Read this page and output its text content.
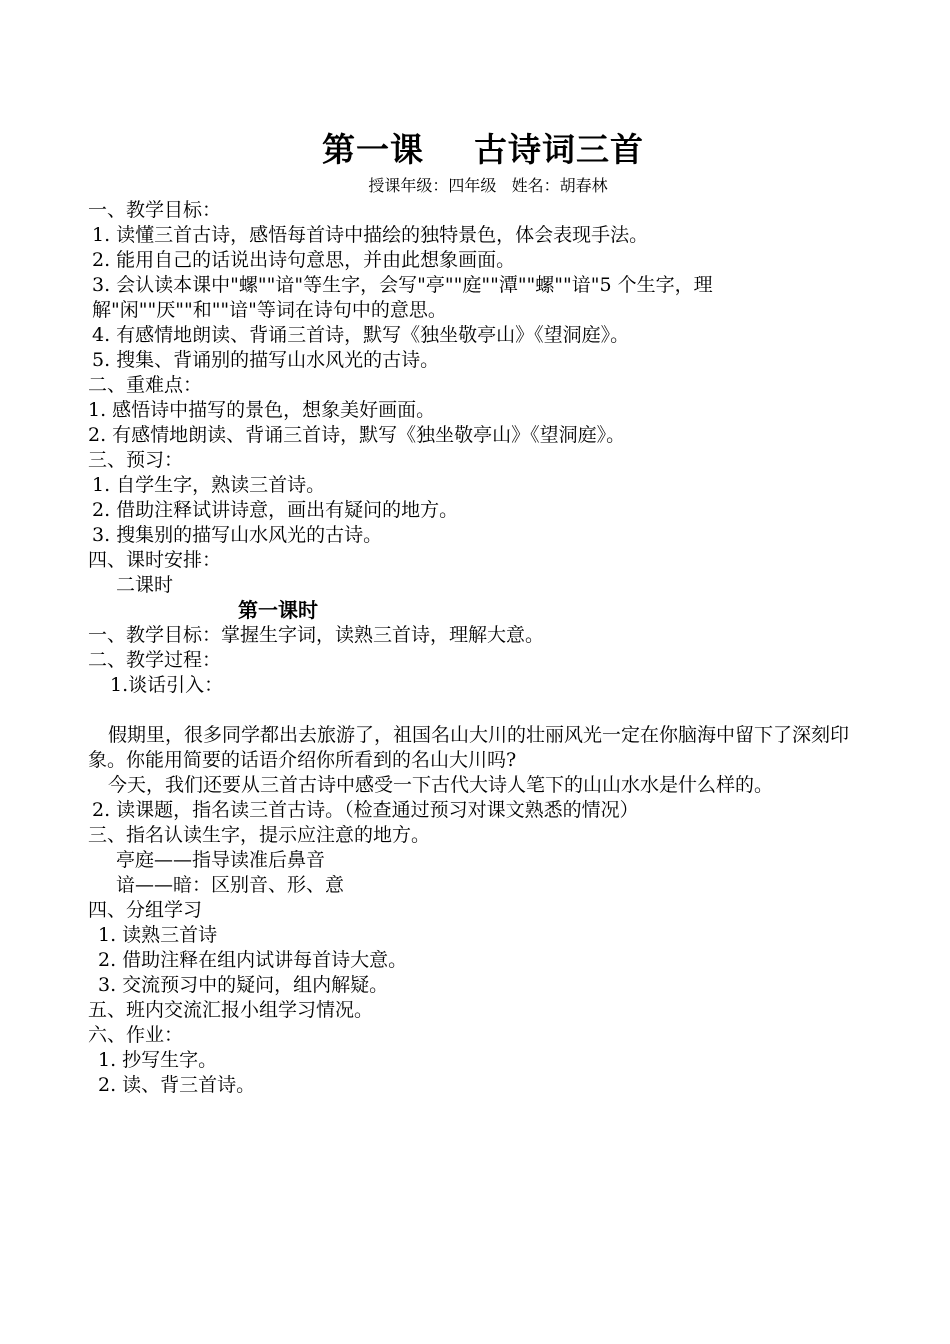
第一课    古诗词三首
授课年级：四年级   姓名：胡春林
一、教学目标：
1. 读懂三首古诗，感悟每首诗中描绘的独特景色，体会表现手法。
2. 能用自己的话说出诗句意思，并由此想象画面。
3. 会认读本课中"螺""谙"等生字，会写"亭""庭""潭""螺""谙"5 个生字，理解"闲""厌""和""谙"等词在诗句中的意思。
4. 有感情地朗读、背诵三首诗，默写《独坐敬亭山》《望洞庭》。
5. 搜集、背诵别的描写山水风光的古诗。
二、重难点：
1. 感悟诗中描写的景色，想象美好画面。
2. 有感情地朗读、背诵三首诗，默写《独坐敬亭山》《望洞庭》。
三、预习：
1. 自学生字，熟读三首诗。
2. 借助注释试讲诗意，画出有疑问的地方。
3. 搜集别的描写山水风光的古诗。
四、课时安排：
二课时
第一课时
一、教学目标：掌握生字词，读熟三首诗，理解大意。
二、教学过程：
1.谈话引入：
假期里，很多同学都出去旅游了，祖国名山大川的壮丽风光一定在你脑海中留下了深刻印象。你能用简要的话语介绍你所看到的名山大川吗?
今天，我们还要从三首古诗中感受一下古代大诗人笔下的山山水水是什么样的。
2. 读课题，指名读三首古诗。（检查通过预习对课文熟悉的情况）
三、指名认读生字，提示应注意的地方。
亭庭——指导读准后鼻音
谙——暗：区别音、形、意
四、分组学习
1. 读熟三首诗
2. 借助注释在组内试讲每首诗大意。
3. 交流预习中的疑问，组内解疑。
五、班内交流汇报小组学习情况。
六、作业：
1. 抄写生字。
2. 读、背三首诗。
